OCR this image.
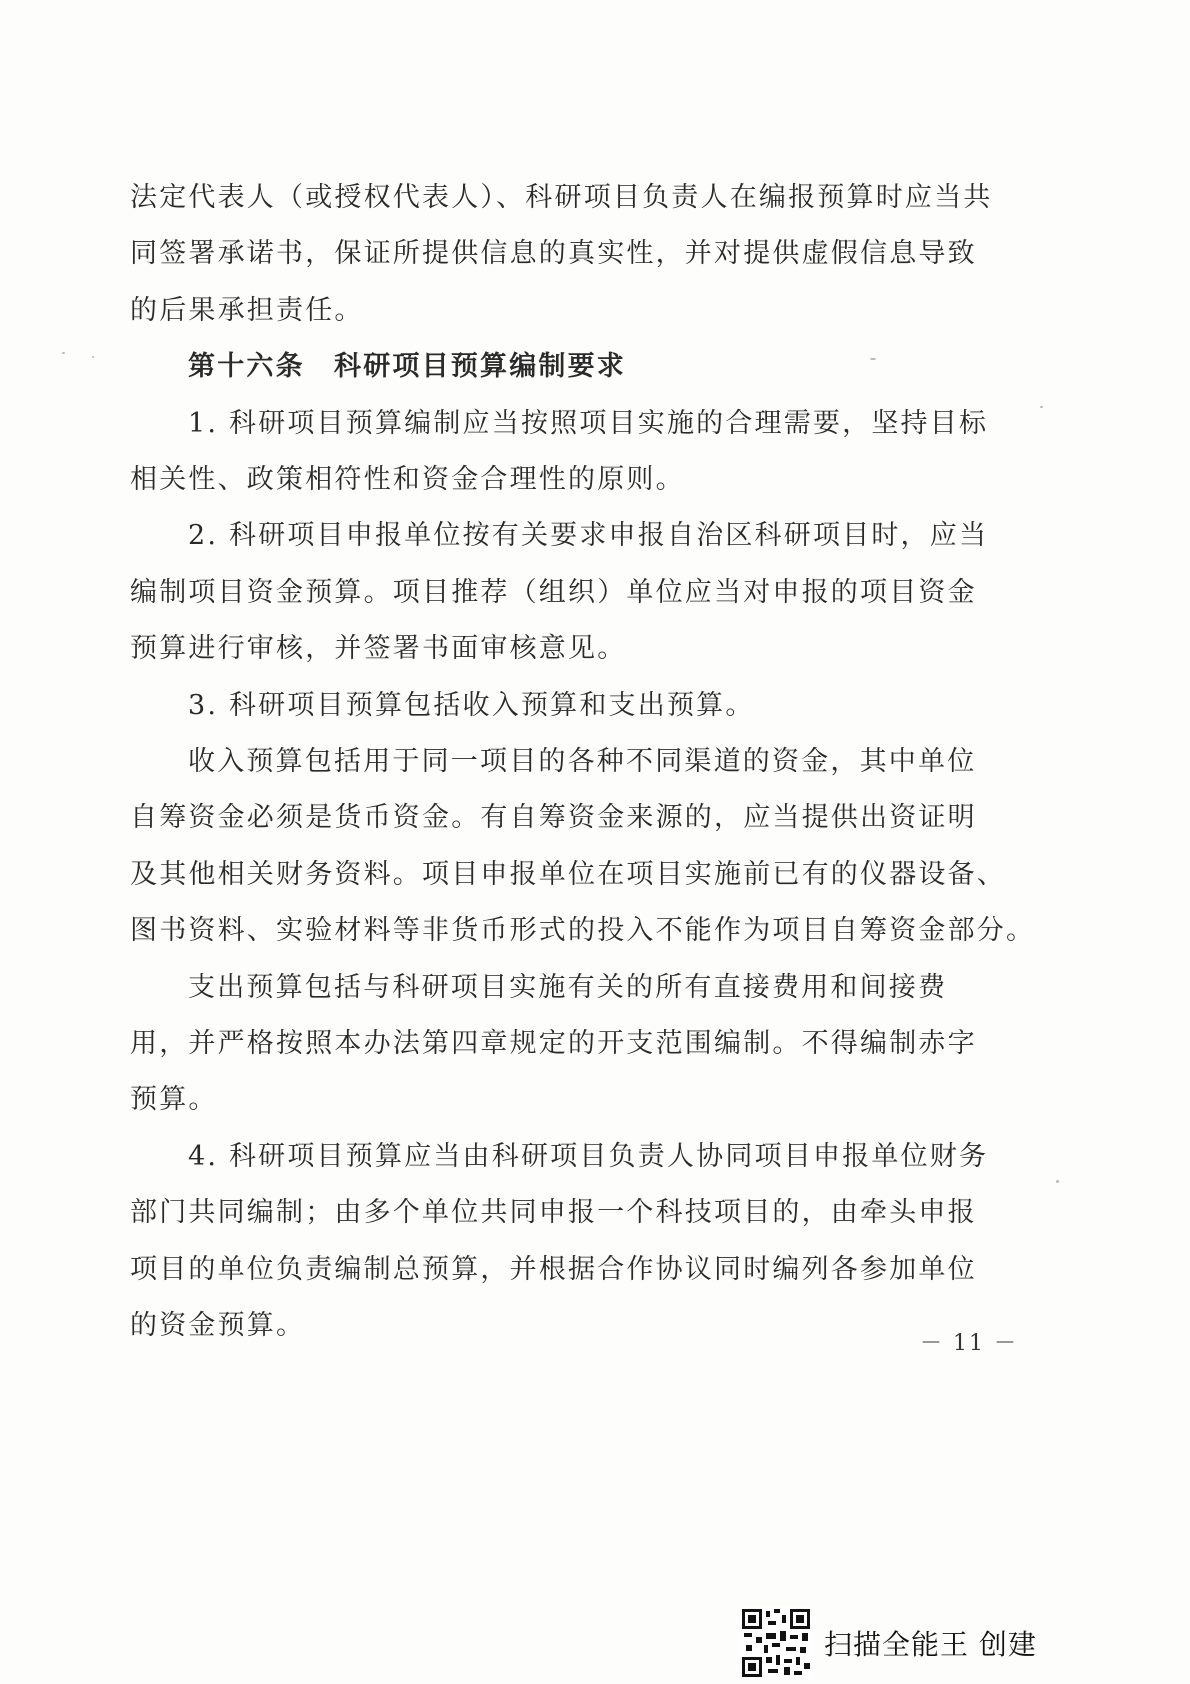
法定代表人（或授权代表人）、科研项目负责人在编报预算时应当共
同签署承诺书，保证所提供信息的真实性，并对提供虚假信息导致
的后果承担责任。
第十六条　科研项目预算编制要求
1. 科研项目预算编制应当按照项目实施的合理需要，坚持目标
相关性、政策相符性和资金合理性的原则。
2. 科研项目申报单位按有关要求申报自治区科研项目时，应当
编制项目资金预算。项目推荐（组织）单位应当对申报的项目资金
预算进行审核，并签署书面审核意见。
3. 科研项目预算包括收入预算和支出预算。
收入预算包括用于同一项目的各种不同渠道的资金，其中单位
自筹资金必须是货币资金。有自筹资金来源的，应当提供出资证明
及其他相关财务资料。项目申报单位在项目实施前已有的仪器设备、
图书资料、实验材料等非货币形式的投入不能作为项目自筹资金部分。
支出预算包括与科研项目实施有关的所有直接费用和间接费
用，并严格按照本办法第四章规定的开支范围编制。不得编制赤字
预算。
4. 科研项目预算应当由科研项目负责人协同项目申报单位财务
部门共同编制；由多个单位共同申报一个科技项目的，由牵头申报
项目的单位负责编制总预算，并根据合作协议同时编列各参加单位
的资金预算。
－ 11 －
扫描全能王 创建
